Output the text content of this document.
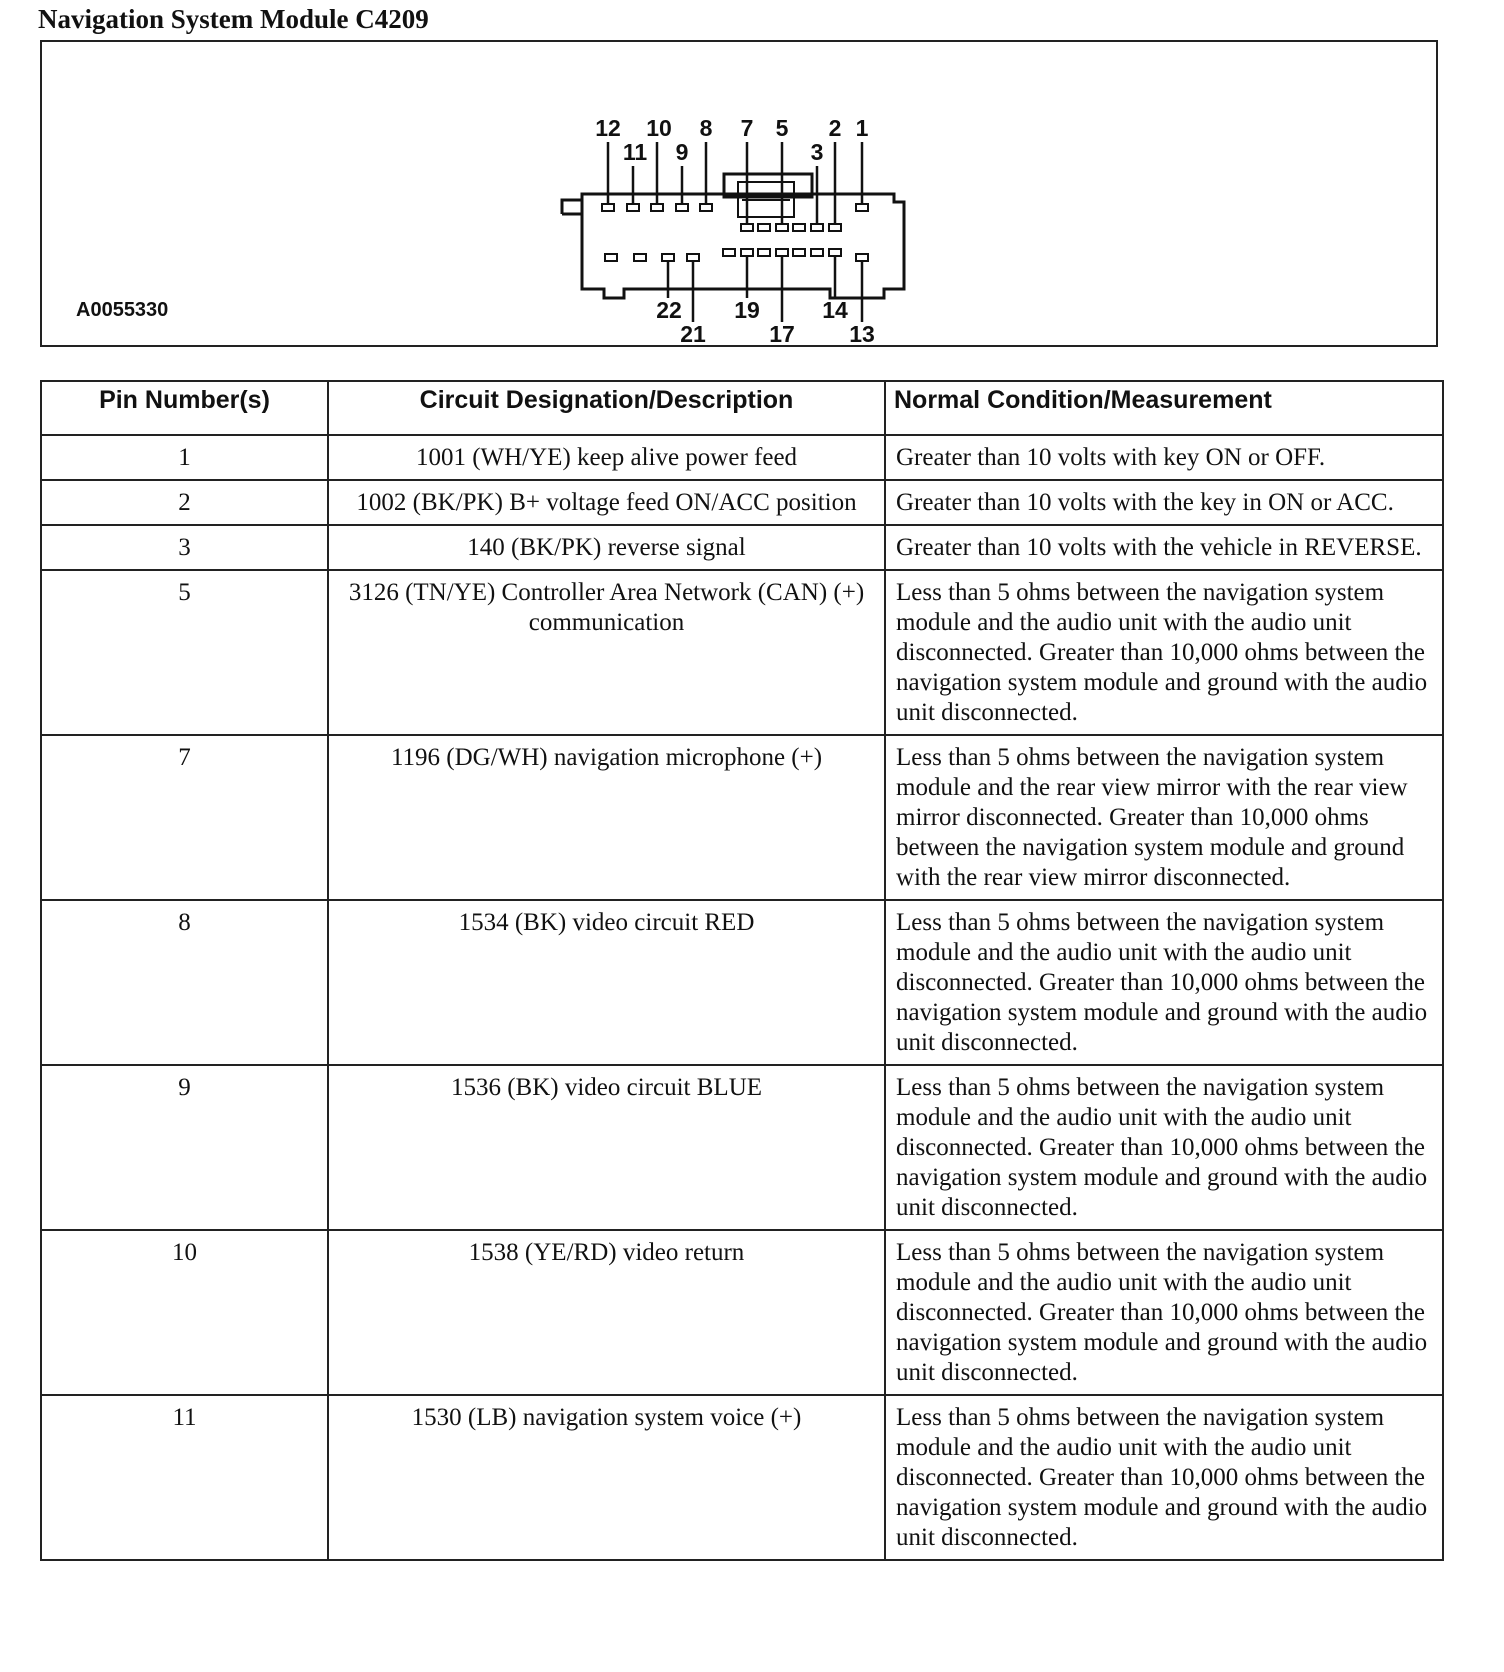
Navigation System Module C4209
12
11
10
9
8 7 5
3
2 1
22
21
19
17
14
13
A0055330
Pin Number(s)	Circuit Designation/Description	Normal Condition/Measurement
1	1001 (WH/YE) keep alive power feed	Greater than 10 volts with key ON or OFF.
2	1002 (BK/PK) B+ voltage feed ON/ACC position	Greater than 10 volts with the key in ON or ACC.
3	140 (BK/PK) reverse signal	Greater than 10 volts with the vehicle in REVERSE.
5	3126 (TN/YE) Controller Area Network (CAN) (+) communication	Less than 5 ohms between the navigation system module and the audio unit with the audio unit disconnected. Greater than 10,000 ohms between the navigation system module and ground with the audio unit disconnected.
7	1196 (DG/WH) navigation microphone (+)	Less than 5 ohms between the navigation system module and the rear view mirror with the rear view mirror disconnected. Greater than 10,000 ohms between the navigation system module and ground with the rear view mirror disconnected.
8	1534 (BK) video circuit RED	Less than 5 ohms between the navigation system module and the audio unit with the audio unit disconnected. Greater than 10,000 ohms between the navigation system module and ground with the audio unit disconnected.
9	1536 (BK) video circuit BLUE	Less than 5 ohms between the navigation system module and the audio unit with the audio unit disconnected. Greater than 10,000 ohms between the navigation system module and ground with the audio unit disconnected.
10	1538 (YE/RD) video return	Less than 5 ohms between the navigation system module and the audio unit with the audio unit disconnected. Greater than 10,000 ohms between the navigation system module and ground with the audio unit disconnected.
11	1530 (LB) navigation system voice (+)	Less than 5 ohms between the navigation system module and the audio unit with the audio unit disconnected. Greater than 10,000 ohms between the navigation system module and ground with the audio unit disconnected.
